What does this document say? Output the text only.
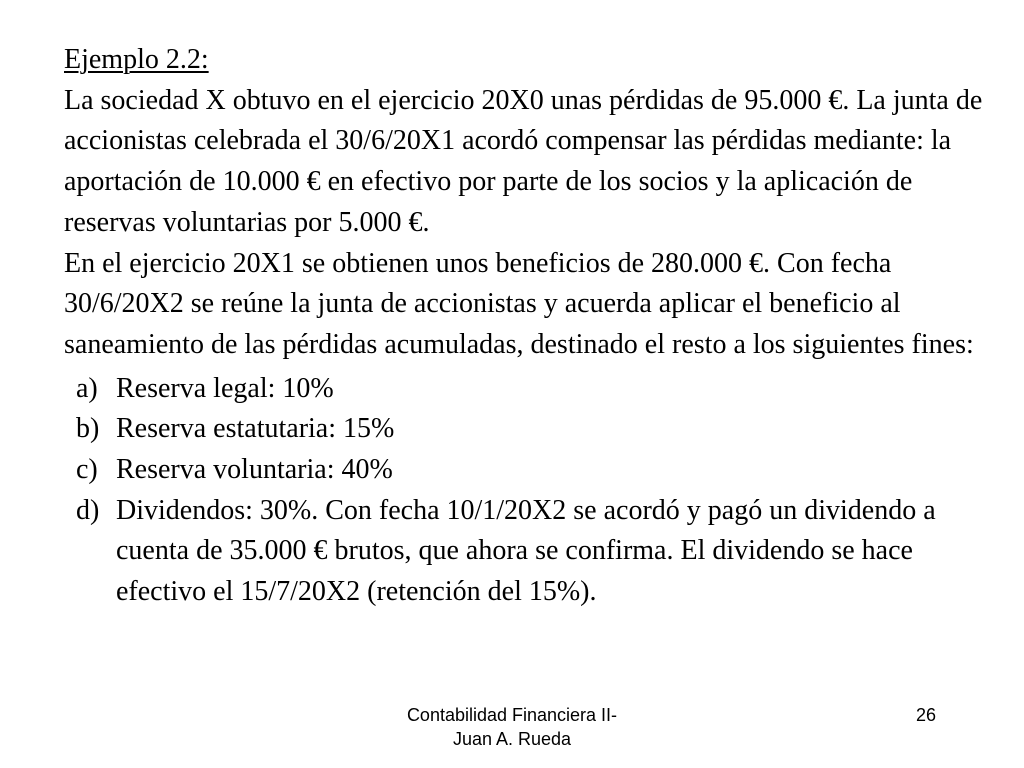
Ejemplo 2.2:

La sociedad X obtuvo en el ejercicio 20X0 unas pérdidas de 95.000 €. La junta de accionistas celebrada el 30/6/20X1 acordó compensar las pérdidas mediante: la aportación de 10.000 € en efectivo por parte de los socios y la aplicación de reservas voluntarias por 5.000 €.

En el ejercicio 20X1 se obtienen unos beneficios de 280.000 €. Con fecha 30/6/20X2 se reúne la junta de accionistas y acuerda aplicar el beneficio al saneamiento de las pérdidas acumuladas, destinado el resto a los siguientes fines:

a) Reserva legal: 10%
b) Reserva estatutaria: 15%
c) Reserva voluntaria: 40%
d) Dividendos: 30%. Con fecha 10/1/20X2 se acordó y pagó un dividendo a cuenta de 35.000 € brutos, que ahora se confirma. El dividendo se hace efectivo el 15/7/20X2 (retención del 15%).
Contabilidad Financiera II-
Juan A. Rueda
26
